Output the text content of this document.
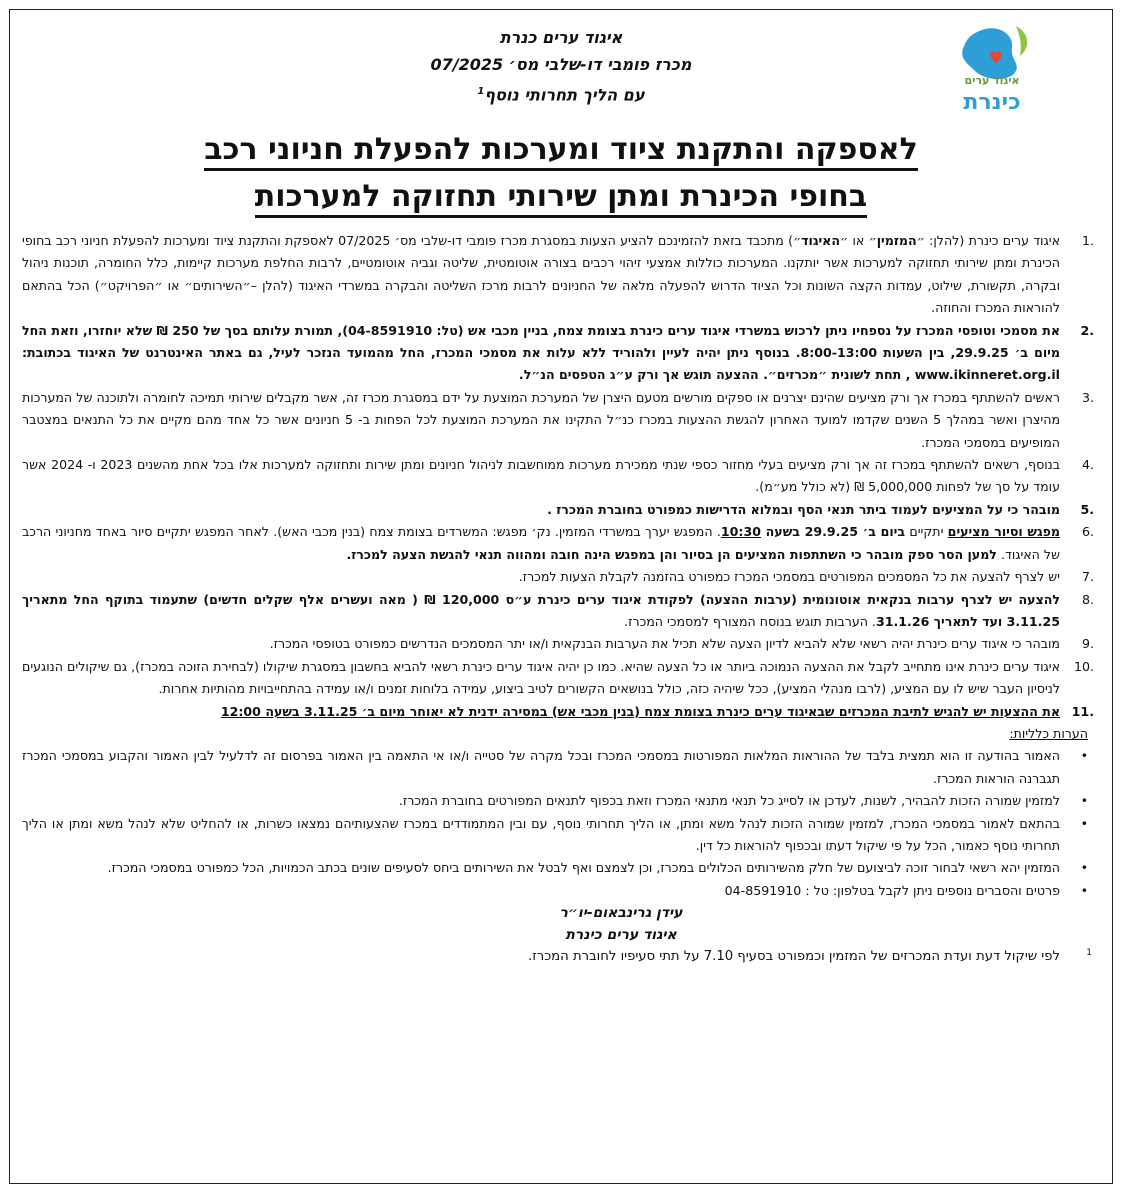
איגוד ערים כנרת
מכרז פומבי דו-שלבי מס׳ 07/2025
עם הליך תחרותי נוסף$^1$
איגוד ערים
כינרת
לאספקה והתקנת ציוד ומערכות להפעלת חניוני רכב
בחופי הכינרת ומתן שירותי תחזוקה למערכות
.1
איגוד ערים כינרת (להלן: ״המזמין״ או ״האיגוד״) מתכבד בזאת להזמינכם להציע הצעות במסגרת מכרז פומבי דו-שלבי מס׳ 07/2025 לאספקת והתקנת ציוד ומערכות להפעלת חניוני רכב בחופי הכינרת ומתן שירותי תחזוקה למערכות אשר יותקנו. המערכות כוללות אמצעי זיהוי רכבים בצורה אוטומטית, שליטה וגביה אוטומטיים, לרבות החלפת מערכות קיימות, כלל החומרה, תוכנות ניהול ובקרה, תקשורת, שילוט, עמדות הקצה השונות וכל הציוד הדרוש להפעלה מלאה של החניונים לרבות מרכז השליטה והבקרה במשרדי האיגוד (להלן –״השירותים״ או ״הפרויקט״) הכל בהתאם להוראות המכרז והחוזה.
.2
את מסמכי וטופסי המכרז על נספחיו ניתן לרכוש במשרדי איגוד ערים כינרת בצומת צמח, בניין מכבי אש (טל: 04-8591910), תמורת עלותם בסך של 250 ₪ שלא יוחזרו, וזאת החל מיום ב׳ 29.9.25, בין השעות 8:00-13:00. בנוסף ניתן יהיה לעיין ולהוריד ללא עלות את מסמכי המכרז, החל מהמועד הנזכר לעיל, גם באתר האינטרנט של האיגוד בכתובת: www.ikinneret.org.il , תחת לשונית ״מכרזים״. ההצעה תוגש אך ורק ע״ג הטפסים הנ״ל.
.3
ראשים להשתתף במכרז אך ורק מציעים שהינם יצרנים או ספקים מורשים מטעם היצרן של המערכת המוצעת על ידם במסגרת מכרז זה, אשר מקבלים שירותי תמיכה לחומרה ולתוכנה של המערכות מהיצרן ואשר במהלך 5 השנים שקדמו למועד האחרון להגשת ההצעות במכרז כנ״ל התקינו את המערכת המוצעת לכל הפחות ב- 5 חניונים אשר כל אחד מהם מקיים את כל התנאים במצטבר המופיעים במסמכי המכרז.
.4
בנוסף, רשאים להשתתף במכרז זה אך ורק מציעים בעלי מחזור כספי שנתי ממכירת מערכות ממוחשבות לניהול חניונים ומתן שירות ותחזוקה למערכות אלו בכל אחת מהשנים 2023 ו- 2024 אשר עומד על סך של לפחות 5,000,000 ₪ (לא כולל מע״מ).
.5
מובהר כי על המציעים לעמוד ביתר תנאי הסף ובמלוא הדרישות כמפורט בחוברת המכרז .
.6
מפגש וסיור מציעים יתקיים ביום ב׳ 29.9.25 בשעה 10:30. המפגש יערך במשרדי המזמין. נק׳ מפגש: המשרדים בצומת צמח (בנין מכבי האש). לאחר המפגש יתקיים סיור באחד מחניוני הרכב של האיגוד. למען הסר ספק מובהר כי השתתפות המציעים הן בסיור והן במפגש הינה חובה ומהווה תנאי להגשת הצעה למכרז.
.7
יש לצרף להצעה את כל המסמכים המפורטים במסמכי המכרז כמפורט בהזמנה לקבלת הצעות למכרז.
.8
להצעה יש לצרף ערבות בנקאית אוטונומית (ערבות ההצעה) לפקודת איגוד ערים כינרת ע״ס 120,000 ₪ ( מאה ועשרים אלף שקלים חדשים) שתעמוד בתוקף החל מתאריך 3.11.25 ועד לתאריך 31.1.26. הערבות תוגש בנוסח המצורף למסמכי המכרז.
.9
מובהר כי איגוד ערים כינרת יהיה רשאי שלא להביא לדיון הצעה שלא תכיל את הערבות הבנקאית ו/או יתר המסמכים הנדרשים כמפורט בטופסי המכרז.
.10
איגוד ערים כינרת אינו מתחייב לקבל את ההצעה הנמוכה ביותר או כל הצעה שהיא. כמו כן יהיה איגוד ערים כינרת רשאי להביא בחשבון במסגרת שיקולו (לבחירת הזוכה במכרז), גם שיקולים הנוגעים לניסיון העבר שיש לו עם המציע, (לרבו מנהלי המציע), ככל שיהיה כזה, כולל בנושאים הקשורים לטיב ביצוע, עמידה בלוחות זמנים ו/או עמידה בהתחייבויות מהותיות אחרות.
.11
את ההצעות יש להגיש לתיבת המכרזים שבאיגוד ערים כינרת בצומת צמח (בנין מכבי אש) במסירה ידנית לא יאוחר מיום ב׳ 3.11.25 בשעה 12:00
הערות כלליות:
• האמור בהודעה זו הוא תמצית בלבד של ההוראות המלאות המפורטות במסמכי המכרז ובכל מקרה של סטייה ו/או אי התאמה בין האמור בפרסום זה לדלעיל לבין האמור והקבוע במסמכי המכרז תגברנה הוראות המכרז.
• למזמין שמורה הזכות להבהיר, לשנות, לעדכן או לסייג כל תנאי מתנאי המכרז וזאת בכפוף לתנאים המפורטים בחוברת המכרז.
• בהתאם לאמור במסמכי המכרז, למזמין שמורה הזכות לנהל משא ומתן, או הליך תחרותי נוסף, עם ובין המתמודדים במכרז שהצעותיהם נמצאו כשרות, או להחליט שלא לנהל משא ומתן או הליך תחרותי נוסף כאמור, הכל על פי שיקול דעתו ובכפוף להוראות כל דין.
• המזמין יהא רשאי לבחור זוכה לביצועם של חלק מהשירותים הכלולים במכרז, וכן לצמצם ואף לבטל את השירותים ביחס לסעיפים שונים בכתב הכמויות, הכל כמפורט במסמכי המכרז.
• פרטים והסברים נוספים ניתן לקבל בטלפון: טל : 04-8591910
עידן גרינבאום-יו״ר
איגוד ערים כינרת
1
לפי שיקול דעת ועדת המכרזים של המזמין וכמפורט בסעיף 7.10 על תתי סעיפיו לחוברת המכרז.
